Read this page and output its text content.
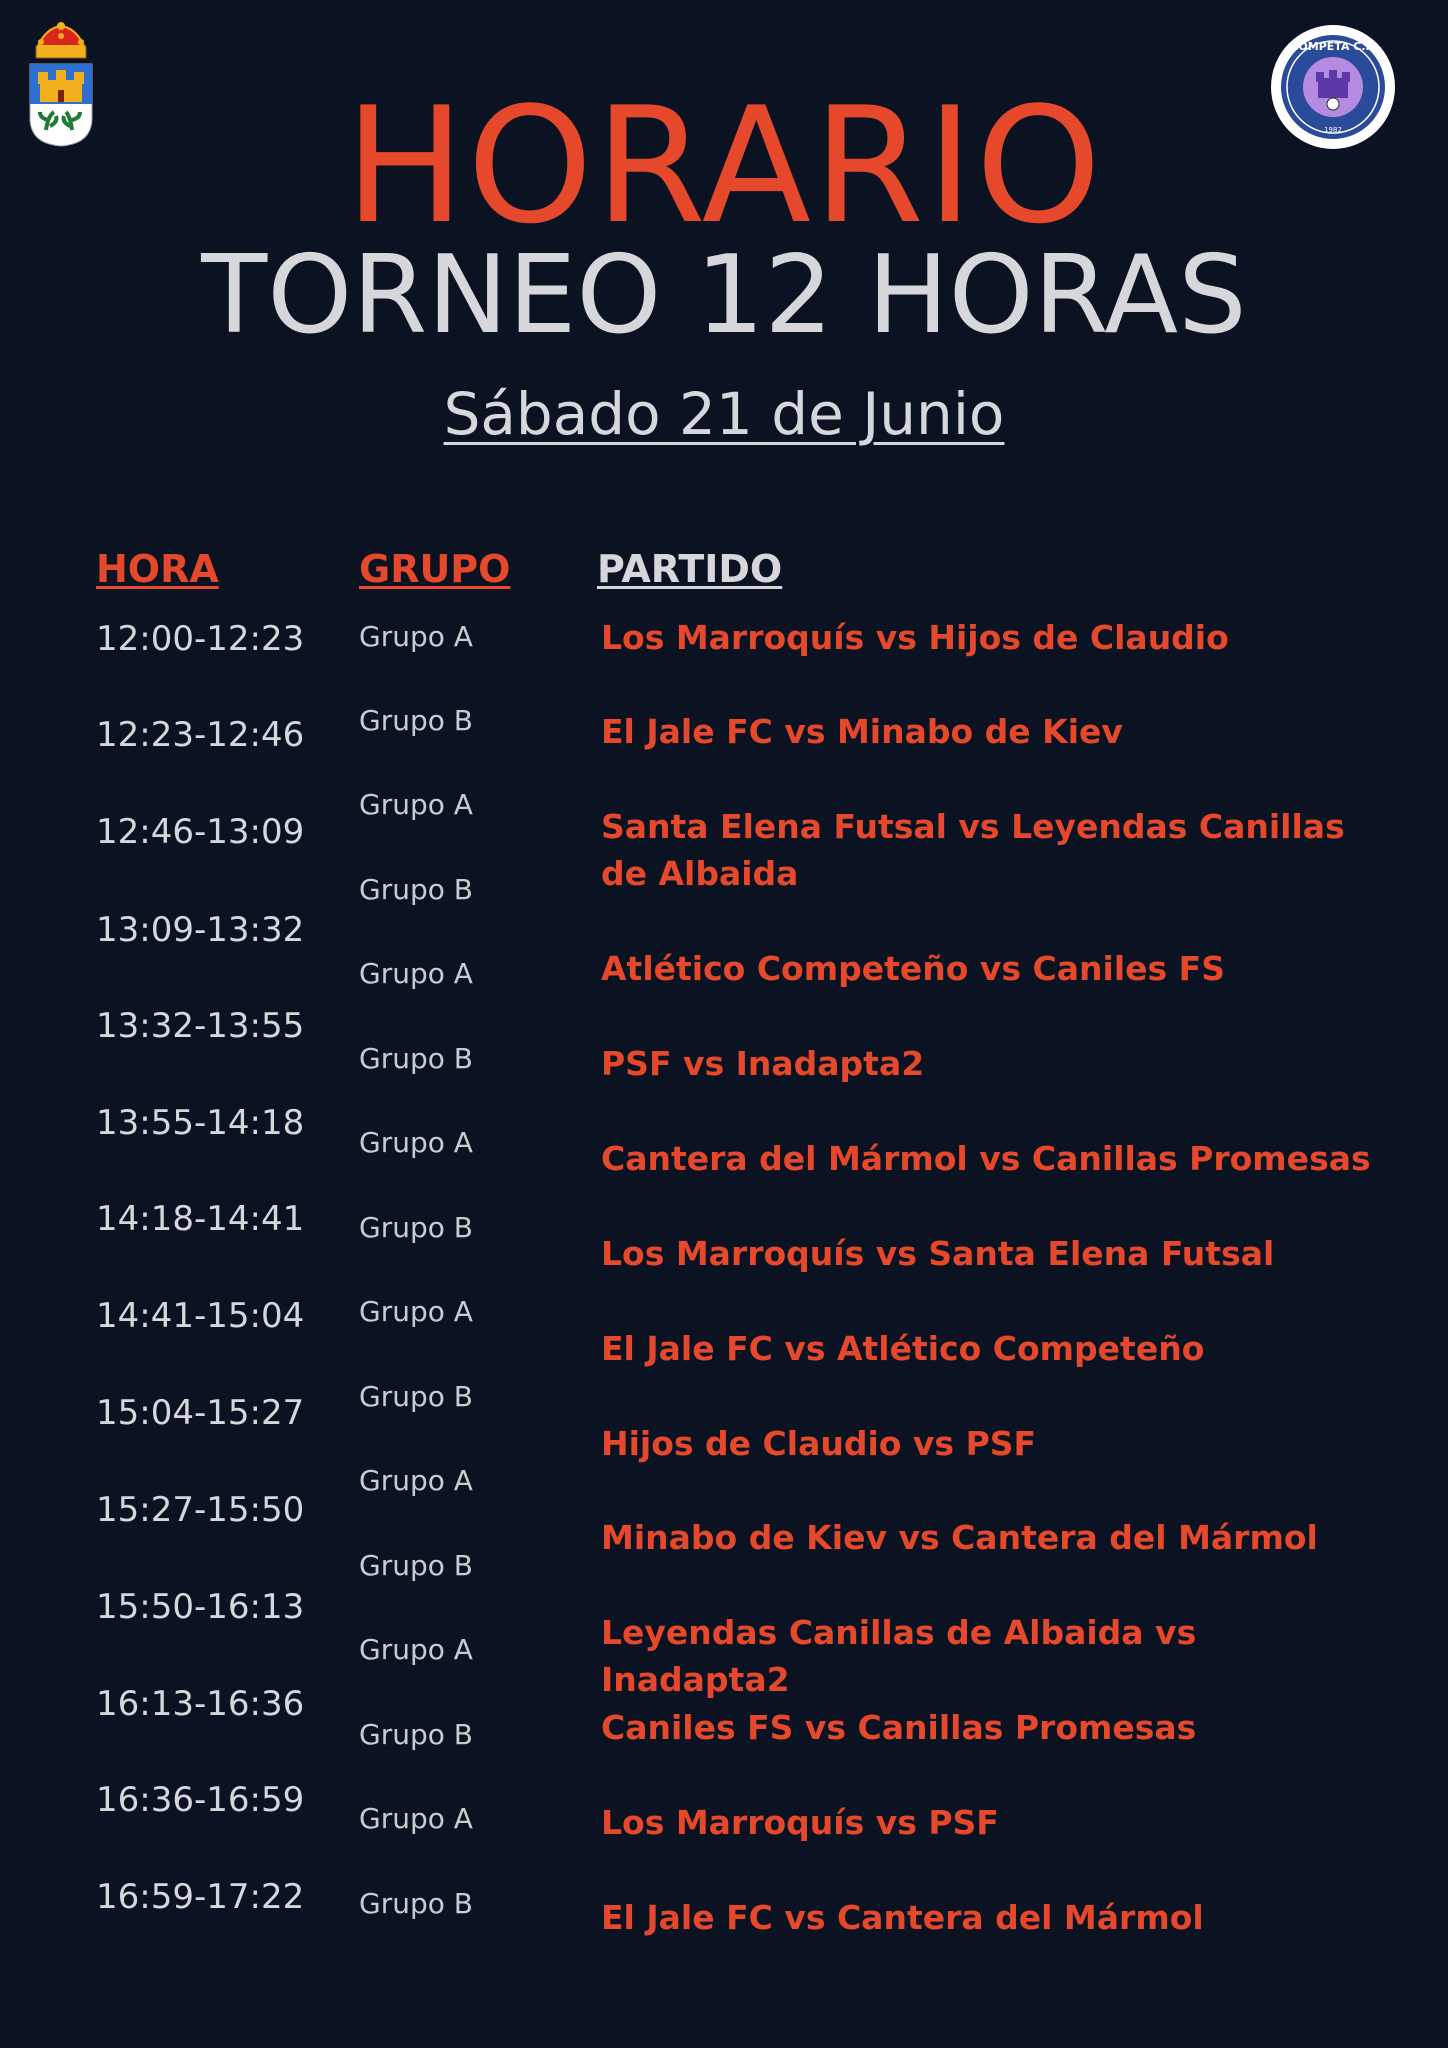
CÓMPETA C.F.
1982
HORARIO
TORNEO 12 HORAS
Sábado 21 de Junio
HORA	GRUPO PARTIDO
12:00-12:23
12:23-12:46
12:46-13:09
13:09-13:32
13:32-13:55
13:55-14:18
14:18-14:41
14:41-15:04
15:04-15:27
15:27-15:50
15:50-16:13
16:13-16:36
16:36-16:59
16:59-17:22
Grupo A
Grupo B
Grupo A
Grupo B
Grupo A
Grupo B
Grupo A
Grupo B
Grupo A
Grupo B
Grupo A
Grupo B
Grupo A
Grupo B
Grupo A
Grupo B
Los Marroquís vs Hijos de Claudio
El Jale FC vs Minabo de Kiev
Santa Elena Futsal vs Leyendas Canillas de Albaida
Atlético Competeño vs Caniles FS
PSF vs Inadapta2
Cantera del Mármol vs Canillas Promesas
Los Marroquís vs Santa Elena Futsal
El Jale FC vs Atlético Competeño
Hijos de Claudio vs PSF
Minabo de Kiev vs Cantera del Mármol
Leyendas Canillas de Albaida vs Inadapta2
Caniles FS vs Canillas Promesas
Los Marroquís vs PSF
El Jale FC vs Cantera del Mármol
